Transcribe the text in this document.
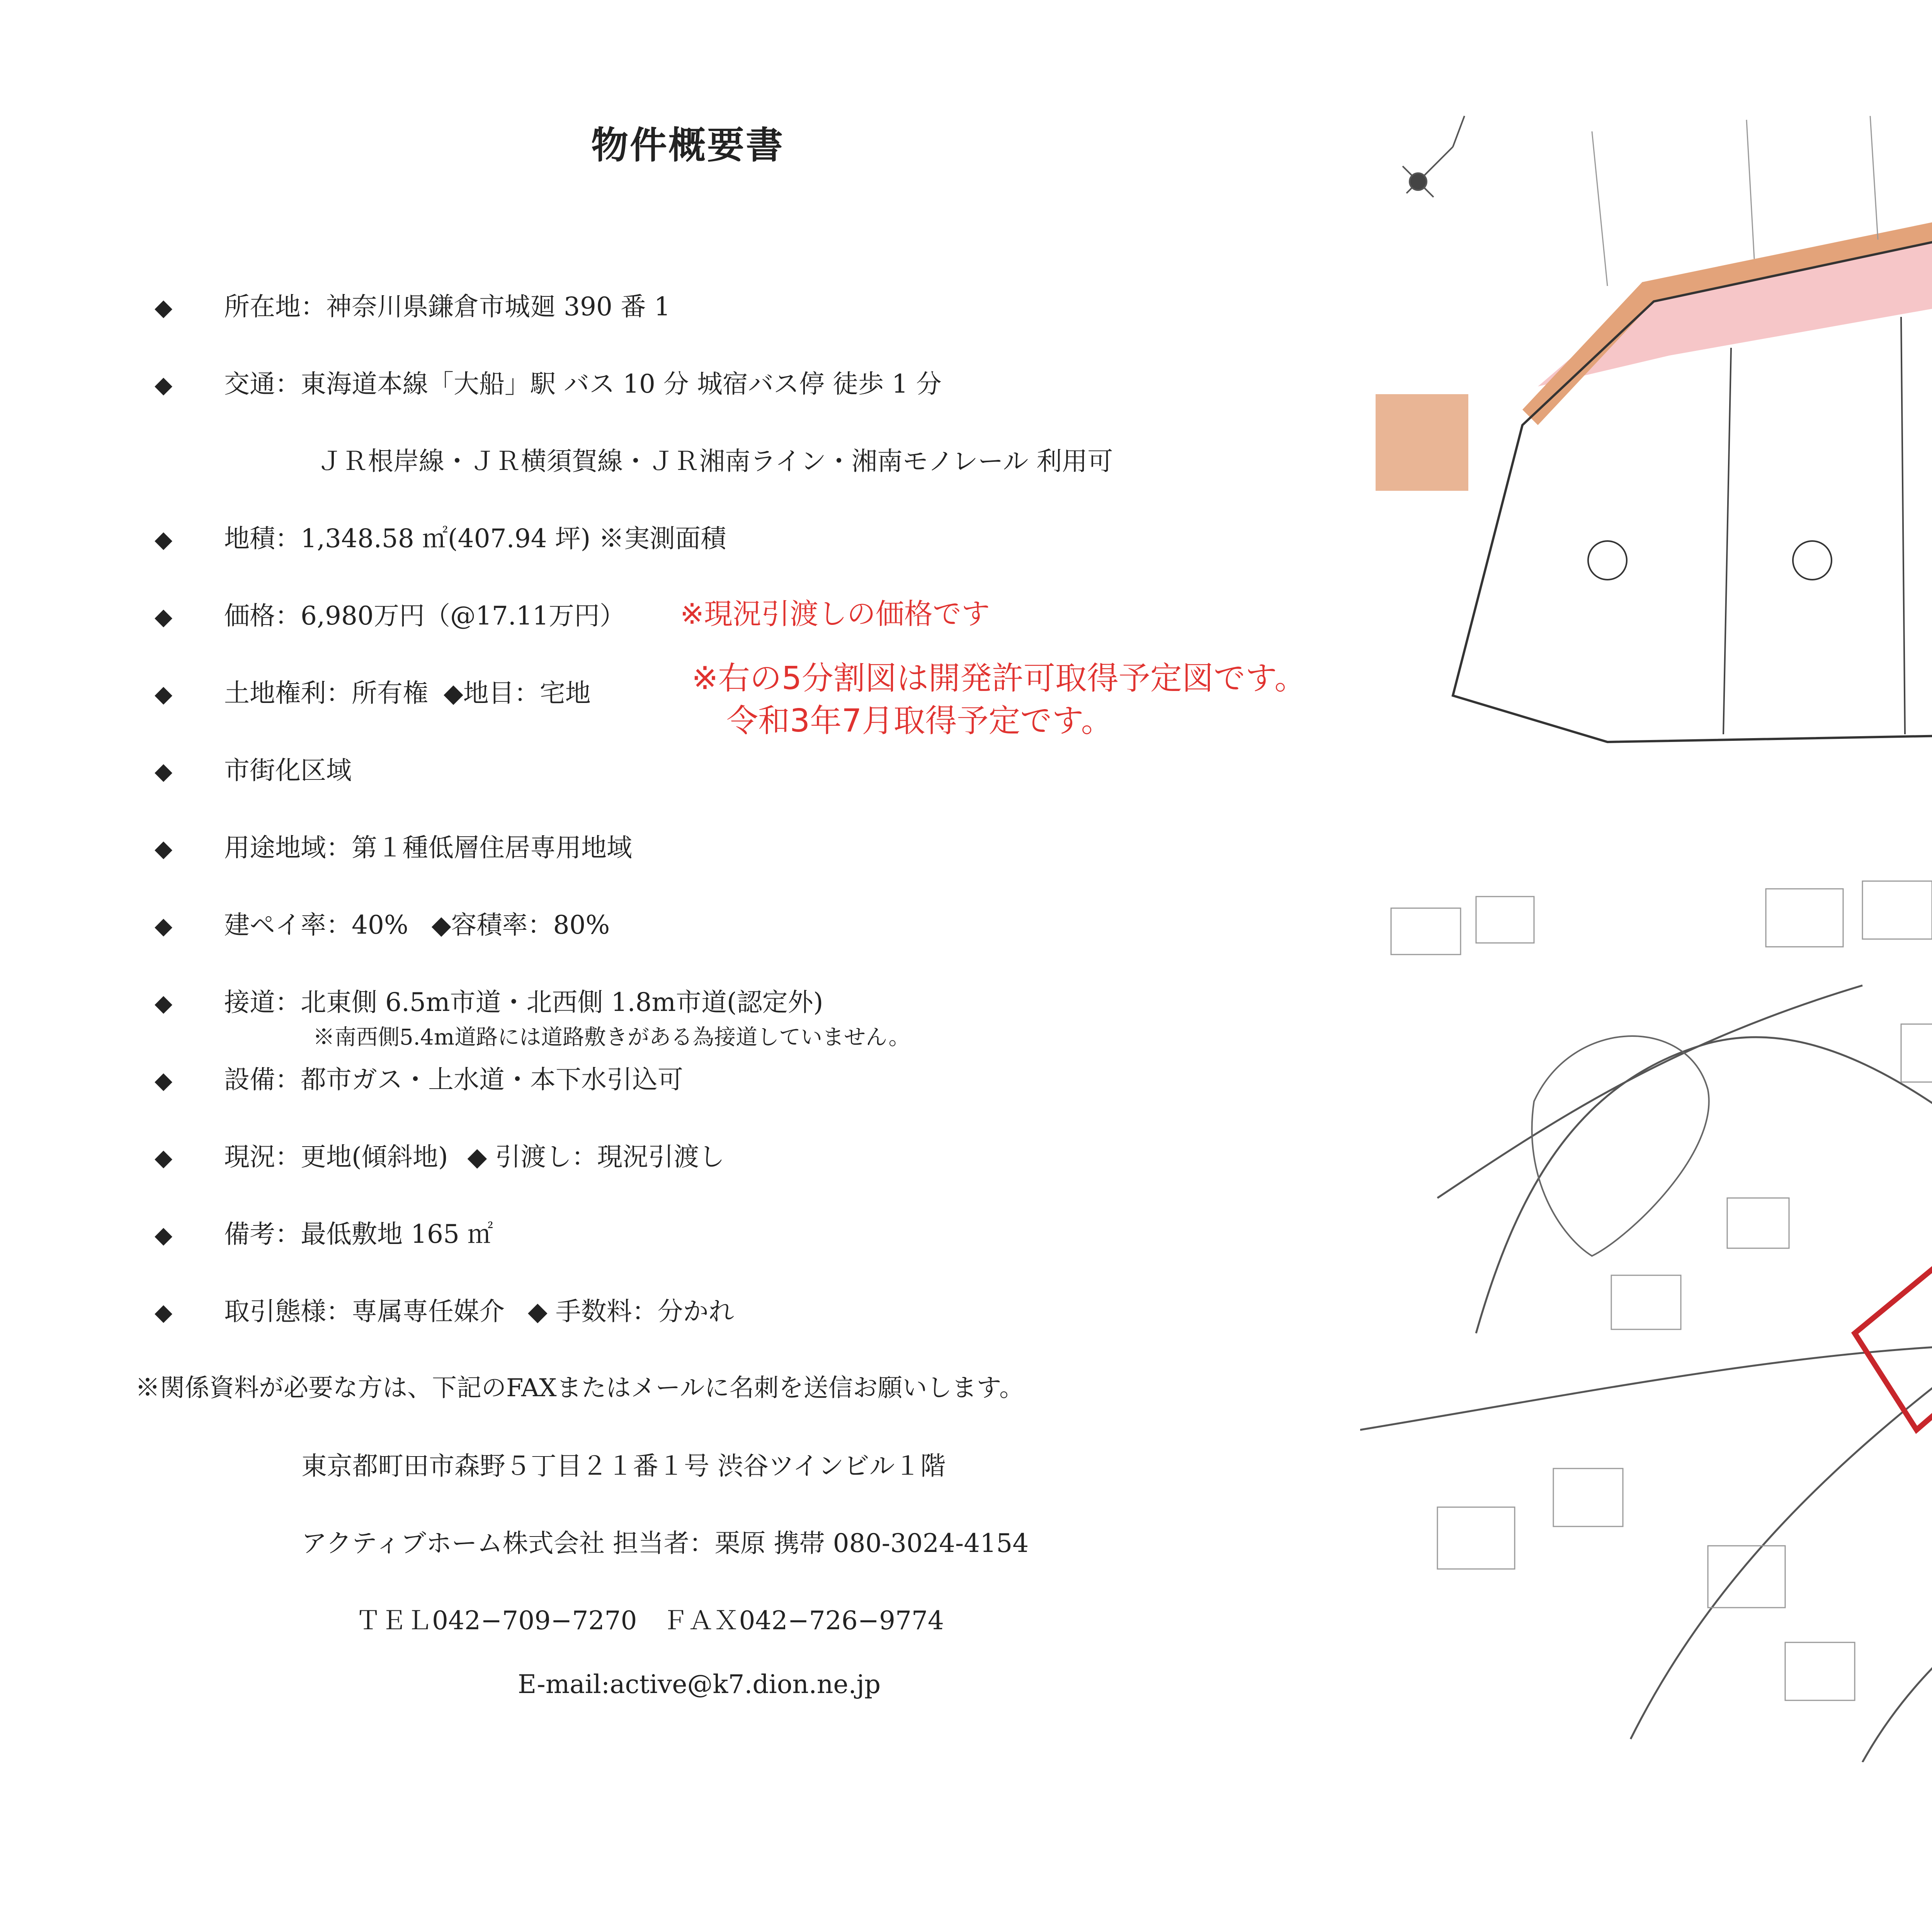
物件概要書
◆ 所在地：神奈川県鎌倉市城廻 390 番 1
◆ 交通：東海道本線「大船」駅 バス 10 分 城宿バス停 徒歩 1 分
ＪＲ根岸線・ＪＲ横須賀線・ＪＲ湘南ライン・湘南モノレール 利用可
◆ 地積：1,348.58 ㎡(407.94 坪) ※実測面積
◆ 価格：6,980万円（@17.11万円） ※現況引渡しの価格です
◆ 土地権利：所有権 ◆地目：宅地	※右の5分割図は開発許可取得予定図です。
令和3年7月取得予定です。
◆ 市街化区域
◆ 用途地域：第１種低層住居専用地域
◆ 建ペイ率：40% ◆容積率：80%
◆ 接道：北東側 6.5m市道・北西側 1.8m市道(認定外)
※南西側5.4m道路には道路敷きがある為接道していません。
◆ 設備：都市ガス・上水道・本下水引込可
◆ 現況：更地(傾斜地) ◆ 引渡し：現況引渡し
◆ 備考：最低敷地 165 ㎡
◆ 取引態様：専属専任媒介 ◆ 手数料：分かれ
※関係資料が必要な方は、下記のFAXまたはメールに名刺を送信お願いします。
東京都町田市森野５丁目２１番１号 渋谷ツインビル１階
アクティブホーム株式会社 担当者：栗原 携帯 080-3024-4154
ＴＥＬ042−709−7270　ＦＡＸ042−726−9774
E-mail:active@k7.dion.ne.jp
